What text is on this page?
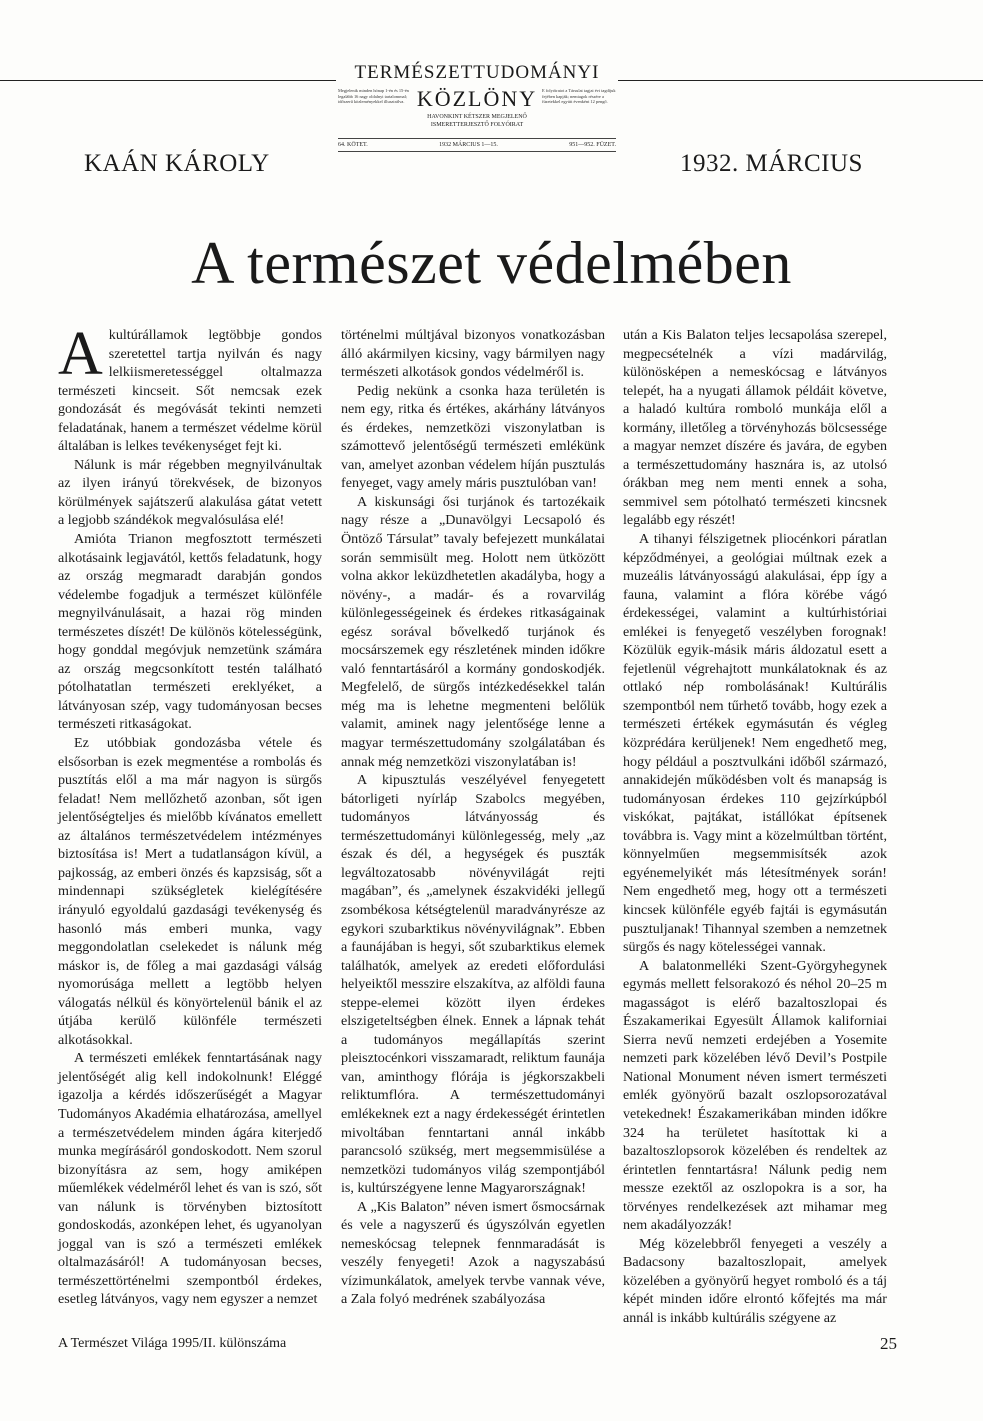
TERMÉSZETTUDOMÁNYI
Megjelenik minden hónap 1-én és 15-én legalább 16 nagy oldalnyi tartalommal; időszerű közleményekkel illusztrálva. KÖZLÖNY
HAVONKINT KÉTSZER MEGJELENŐ
ISMERETTERJESZTŐ FOLYÓIRAT
E folyóiratot a Társulat tagjai évi tagdíjuk fejében kapják; nemtagok részére a füzetekkel együtt évenként 12 pengő.
64. KÖTET.	1932 MÁRCIUS 1—15.	951—952. FÜZET.
KAÁN KÁROLY	1932. MÁRCIUS
A természet védelmében

Akultúrállamok legtöbbje gondos szeretettel tartja nyilván és nagy lelkiismeretességgel oltalmazza természeti kincseit. Sőt nemcsak ezek gondozását és megóvását tekinti nemzeti feladatának, hanem a természet védelme körül általában is lelkes tevékenységet fejt ki.

Nálunk is már régebben megnyilvánultak az ilyen irányú törekvések, de bizonyos körülmények sajátszerű alakulása gátat vetett a legjobb szándékok megvalósulása elé!

Amióta Trianon megfosztott természeti alkotásaink legjavától, kettős feladatunk, hogy az ország megmaradt darabján gondos védelembe fogadjuk a természet különféle megnyilvánulásait, a hazai rög minden természetes díszét! De különös kötelességünk, hogy gonddal megóvjuk nemzetünk számára az ország megcsonkított testén található pótolhatatlan természeti ereklyéket, a látványosan szép, vagy tudományosan becses természeti ritkaságokat.

Ez utóbbiak gondozásba vétele és elsősorban is ezek megmentése a rombolás és pusztítás elől a ma már nagyon is sürgős feladat! Nem mellőzhető azonban, sőt igen jelentőségteljes és mielőbb kívánatos emellett az általános természetvédelem intézményes biztosítása is! Mert a tudatlanságon kívül, a pajkosság, az emberi önzés és kapzsiság, sőt a mindennapi szükségletek kielégítésére irányuló egyoldalú gazdasági tevékenység és hasonló más emberi munka, vagy meggondolatlan cselekedet is nálunk még máskor is, de főleg a mai gazdasági válság nyomorúsága mellett a legtöbb helyen válogatás nélkül és könyörtelenül bánik el az útjába kerülő különféle természeti alkotásokkal.

A természeti emlékek fenntartásának nagy jelentőségét alig kell indokolnunk! Eléggé igazolja a kérdés időszerűségét a Magyar Tudományos Akadémia elhatározása, amellyel a természetvédelem minden ágára kiterjedő munka megírásáról gondoskodott. Nem szorul bizonyításra az sem, hogy amiképen műemlékek védelméről lehet és van is szó, sőt van nálunk is törvényben biztosított gondoskodás, azonképen lehet, és ugyanolyan joggal van is szó a természeti emlékek oltalmazásáról! A tudományosan becses, természettörténelmi szempontból érdekes, esetleg látványos, vagy nem egyszer a nemzet

történelmi múltjával bizonyos vonatkozásban álló akármilyen kicsiny, vagy bármilyen nagy természeti alkotások gondos védelméről is.

Pedig nekünk a csonka haza területén is nem egy, ritka és értékes, akárhány látványos és érdekes, nemzetközi viszonylatban is számottevő jelentőségű természeti emlékünk van, amelyet azonban védelem híján pusztulás fenyeget, vagy amely máris pusztulóban van!

A kiskunsági ősi turjánok és tartozékaik nagy része a „Dunavölgyi Lecsapoló és Öntöző Társulat” tavaly befejezett munkálatai során semmisült meg. Holott nem ütközött volna akkor leküzdhetetlen akadályba, hogy a növény-, a madár- és a rovarvilág különlegességeinek és érdekes ritkaságainak egész sorával bővelkedő turjánok és mocsárszemek egy részletének minden időkre való fenntartásáról a kormány gondoskodjék. Megfelelő, de sürgős intézkedésekkel talán még ma is lehetne megmenteni belőlük valamit, aminek nagy jelentősége lenne a magyar természettudomány szolgálatában és annak még nemzetközi viszonylatában is!

A kipusztulás veszélyével fenyegetett bátorligeti nyírláp Szabolcs megyében, tudományos látványosság és természettudományi különlegesség, mely „az észak és dél, a hegységek és puszták legváltozatosabb növényvilágát rejti magában”, és „amelynek északvidéki jellegű zsombékosa kétségtelenül maradványrésze az egykori szubarktikus növényvilágnak”. Ebben a faunájában is hegyi, sőt szubarktikus elemek találhatók, amelyek az eredeti előfordulási helyeiktől messzire elszakítva, az alföldi fauna steppe-elemei között ilyen érdekes elszigeteltségben élnek. Ennek a lápnak tehát a tudományos megállapítás szerint pleisztocénkori visszamaradt, reliktum faunája van, aminthogy flórája is jégkorszakbeli reliktumflóra. A természettudományi emlékeknek ezt a nagy érdekességét érintetlen mivoltában fenntartani annál inkább parancsoló szükség, mert megsemmisülése a nemzetközi tudományos világ szempontjából is, kultúrszégyene lenne Magyarországnak!

A „Kis Balaton” néven ismert ősmocsárnak és vele a nagyszerű és úgyszólván egyetlen nemeskócsag telepnek fennmaradását is veszély fenyegeti! Azok a nagyszabású vízimunkálatok, amelyek tervbe vannak véve, a Zala folyó medrének szabályozása

után a Kis Balaton teljes lecsapolása szerepel, megpecsételnék a vízi madárvilág, különösképen a nemeskócsag e látványos telepét, ha a nyugati államok példáit követve, a haladó kultúra romboló munkája elől a kormány, illetőleg a törvényhozás bölcsessége a magyar nemzet díszére és javára, de egyben a természettudomány hasznára is, az utolsó órákban meg nem menti ennek a soha, semmivel sem pótolható természeti kincsnek legalább egy részét!

A tihanyi félszigetnek pliocénkori páratlan képződményei, a geológiai múltnak ezek a muzeális látványosságú alakulásai, épp így a fauna, valamint a flóra körébe vágó érdekességei, valamint a kultúrhistóriai emlékei is fenyegető veszélyben forognak! Közülük egyik-másik máris áldozatul esett a fejetlenül végrehajtott munkálatoknak és az ottlakó nép rombolásának! Kultúrális szempontból nem tűrhető tovább, hogy ezek a természeti értékek egymásután és végleg közprédára kerüljenek! Nem engedhető meg, hogy például a posztvulkáni időből származó, annakidején működésben volt és manapság is tudományosan érdekes 110 gejzírkúpból viskókat, pajtákat, istállókat építsenek továbbra is. Vagy mint a közelmúltban történt, könnyelműen megsemmisítsék azok egyénemelyikét más létesítmények során! Nem engedhető meg, hogy ott a természeti kincsek különféle egyéb fajtái is egymásután pusztuljanak! Tihannyal szemben a nemzetnek sürgős és nagy kötelességei vannak.

A balatonmelléki Szent-Györgyhegynek egymás mellett felsorakozó és néhol 20–25 m magasságot is elérő bazaltoszlopai és Északamerikai Egyesült Államok kaliforniai Sierra nevű nemzeti erdejében a Yosemite nemzeti park közelében lévő Devil’s Postpile National Monument néven ismert természeti emlék gyönyörű bazalt oszlopsorozatával vetekednek! Északamerikában minden időkre 324 ha területet hasítottak ki a bazaltoszlopsorok közelében és rendeltek az érintetlen fenntartásra! Nálunk pedig nem messze ezektől az oszlopokra is a sor, ha törvényes rendelkezések azt mihamar meg nem akadályozzák!

Még közelebbről fenyegeti a veszély a Badacsony bazaltoszlopait, amelyek közelében a gyönyörű hegyet romboló és a táj képét minden időre elrontó kőfejtés ma már annál is inkább kultúrális szégyene az

A Természet Világa 1995/II. különszáma	25
